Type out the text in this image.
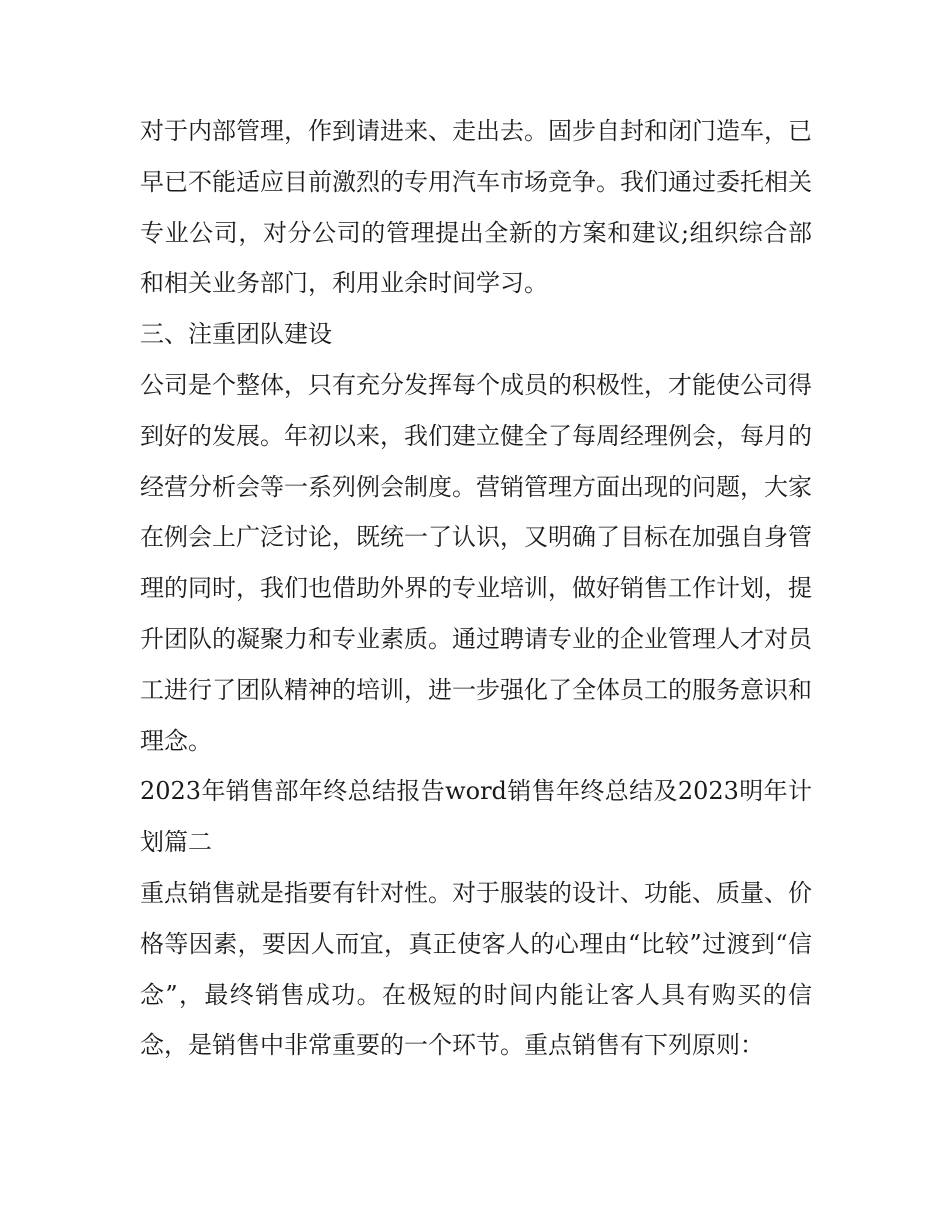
对于内部管理，作到请进来、走出去。固步自封和闭门造车，已早已不能适应目前激烈的专用汽车市场竞争。我们通过委托相关专业公司，对分公司的管理提出全新的方案和建议;组织综合部和相关业务部门，利用业余时间学习。

三、注重团队建设

公司是个整体，只有充分发挥每个成员的积极性，才能使公司得到好的发展。年初以来，我们建立健全了每周经理例会，每月的经营分析会等一系列例会制度。营销管理方面出现的问题，大家在例会上广泛讨论，既统一了认识，又明确了目标在加强自身管理的同时，我们也借助外界的专业培训，做好销售工作计划，提升团队的凝聚力和专业素质。通过聘请专业的企业管理人才对员工进行了团队精神的培训，进一步强化了全体员工的服务意识和理念。

2023年销售部年终总结报告word销售年终总结及2023明年计划篇二

重点销售就是指要有针对性。对于服装的设计、功能、质量、价格等因素，要因人而宜，真正使客人的心理由“比较”过渡到“信念”，最终销售成功。在极短的时间内能让客人具有购买的信念，是销售中非常重要的一个环节。重点销售有下列原则：
